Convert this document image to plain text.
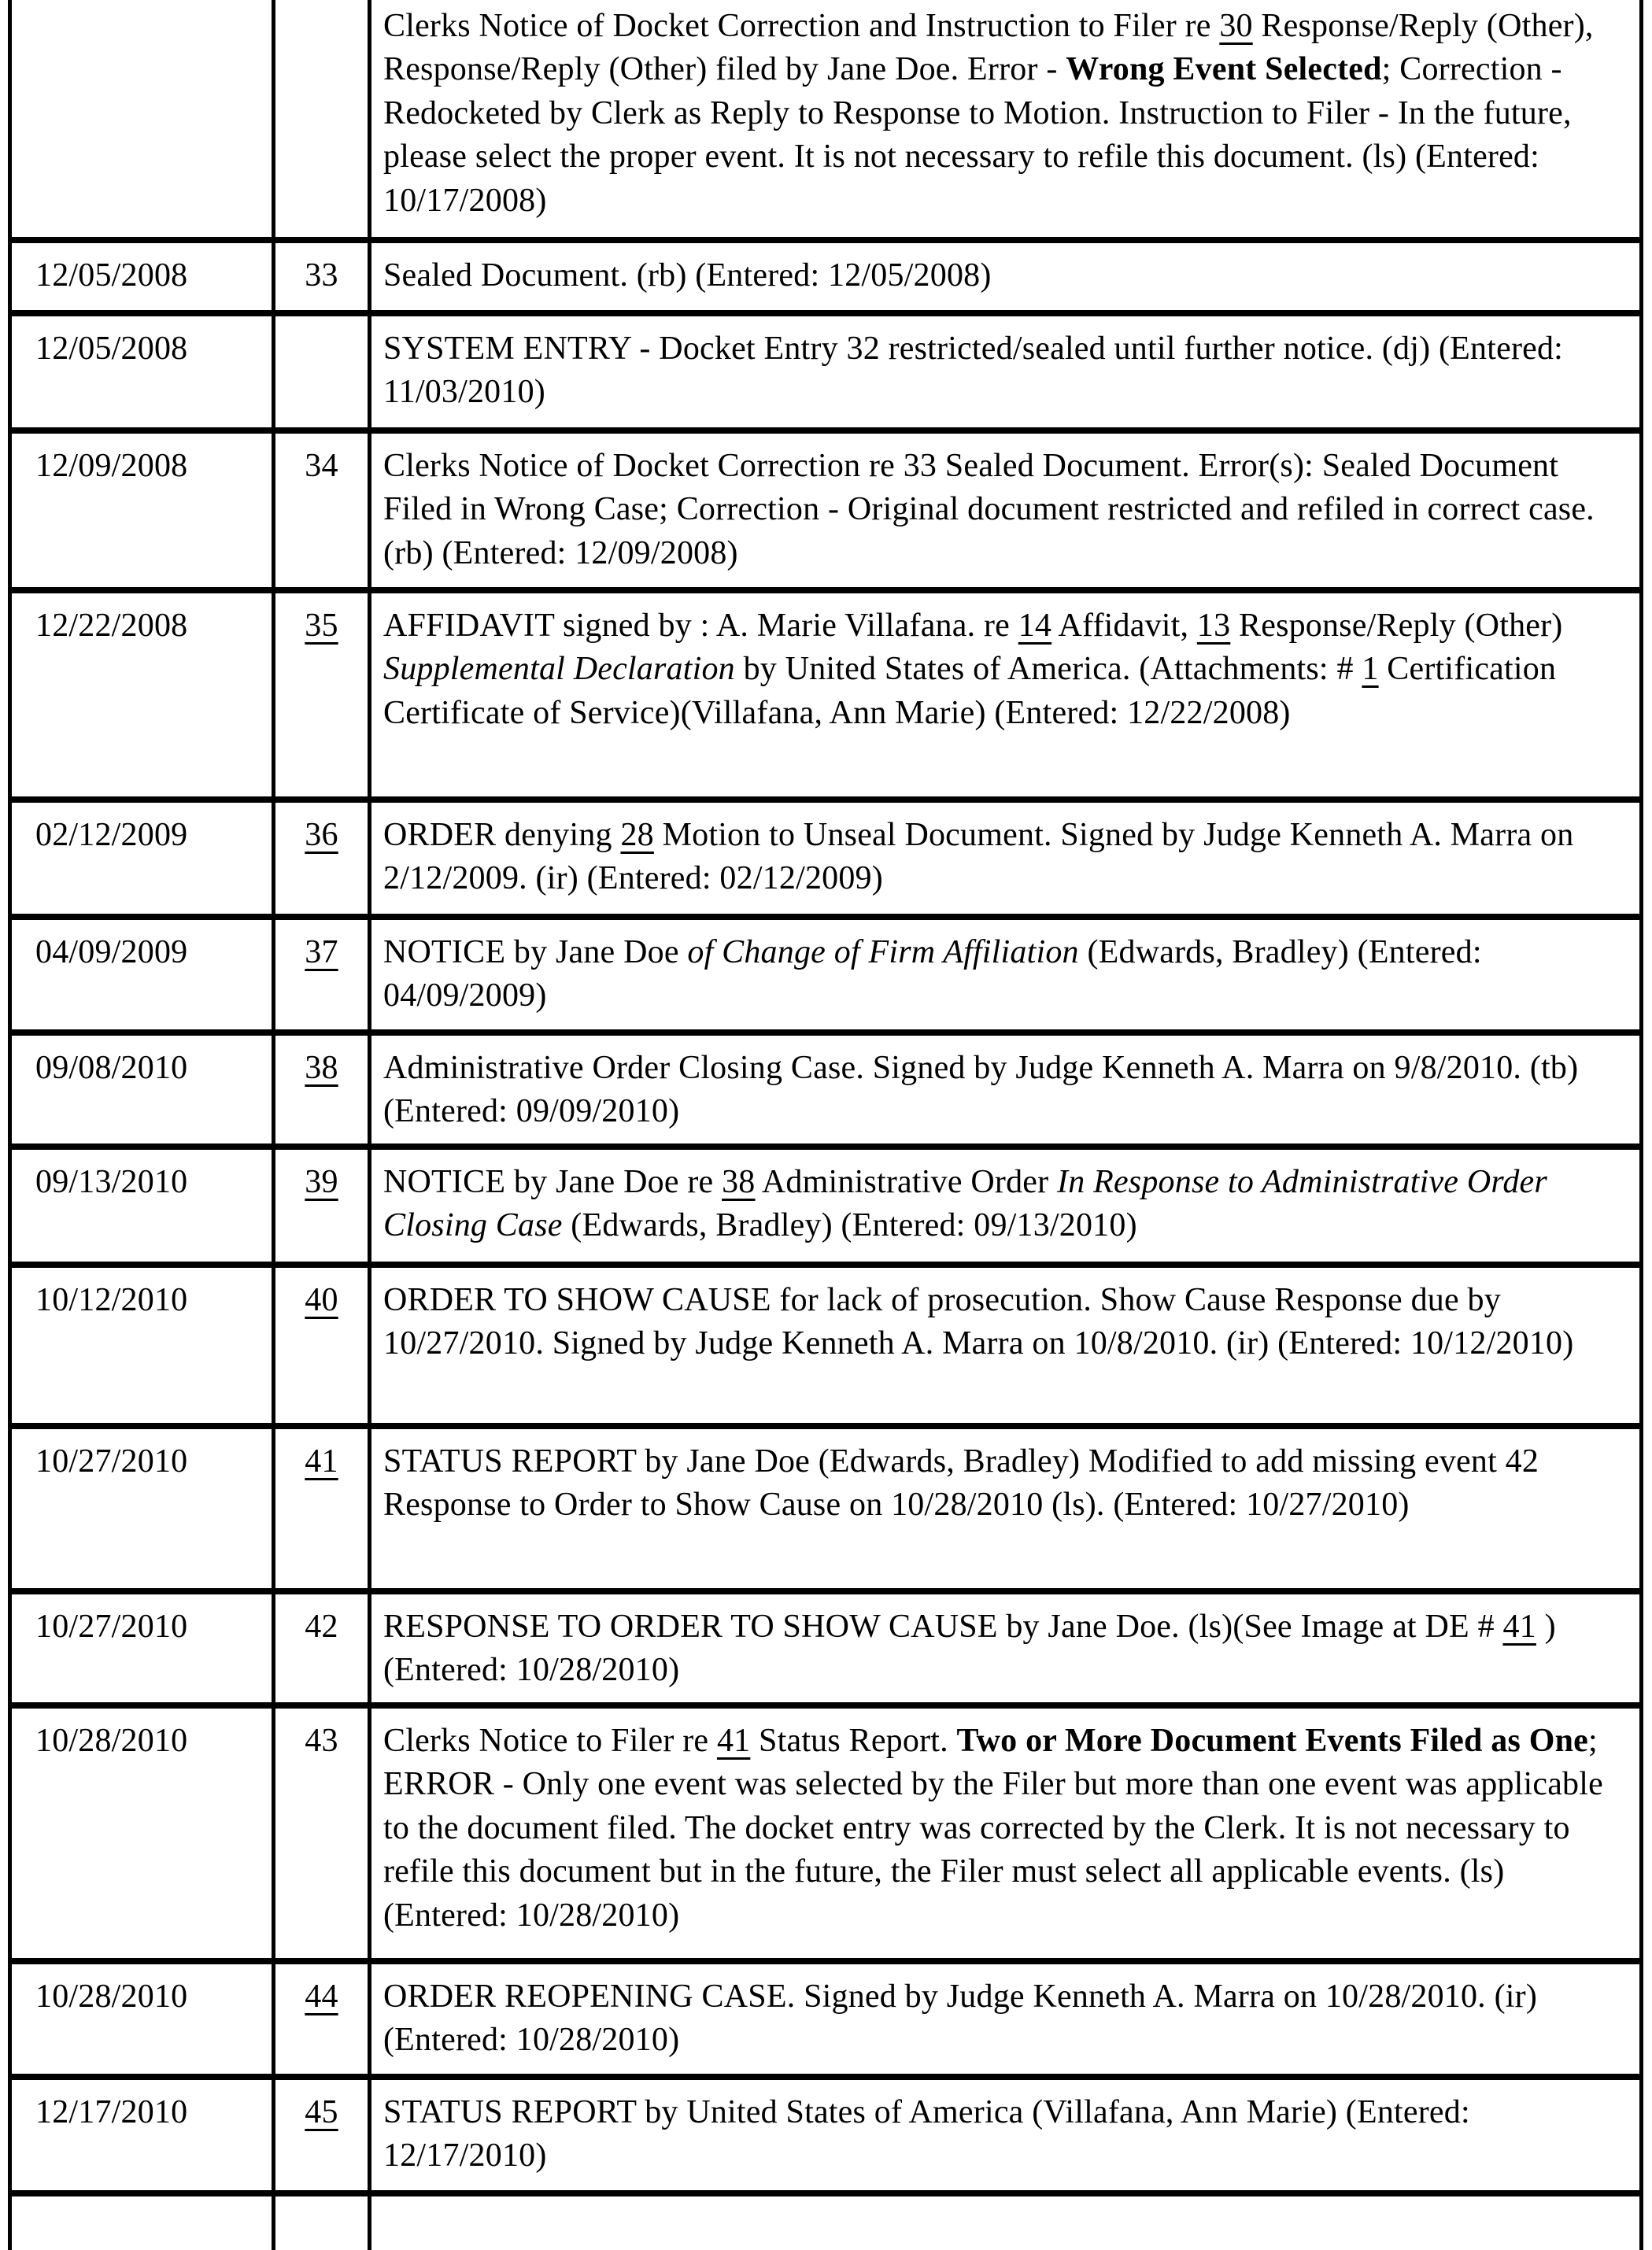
		Clerks Notice of Docket Correction and Instruction to Filer re 30 Response/Reply (Other), Response/Reply (Other) filed by Jane Doe. Error - Wrong Event Selected; Correction - Redocketed by Clerk as Reply to Response to Motion. Instruction to Filer - In the future, please select the proper event. It is not necessary to refile this document. (ls) (Entered: 10/17/2008)
12/05/2008	33	Sealed Document. (rb) (Entered: 12/05/2008)
12/05/2008		SYSTEM ENTRY - Docket Entry 32 restricted/sealed until further notice. (dj) (Entered: 11/03/2010)
12/09/2008	34	Clerks Notice of Docket Correction re 33 Sealed Document. Error(s): Sealed Document Filed in Wrong Case; Correction - Original document restricted and refiled in correct case. (rb) (Entered: 12/09/2008)
12/22/2008	35	AFFIDAVIT signed by : A. Marie Villafana. re 14 Affidavit, 13 Response/Reply (Other) Supplemental Declaration by United States of America. (Attachments: # 1 Certification Certificate of Service)(Villafana, Ann Marie) (Entered: 12/22/2008)
02/12/2009	36	ORDER denying 28 Motion to Unseal Document. Signed by Judge Kenneth A. Marra on 2/12/2009. (ir) (Entered: 02/12/2009)
04/09/2009	37	NOTICE by Jane Doe of Change of Firm Affiliation (Edwards, Bradley) (Entered: 04/09/2009)
09/08/2010	38	Administrative Order Closing Case. Signed by Judge Kenneth A. Marra on 9/8/2010. (tb) (Entered: 09/09/2010)
09/13/2010	39	NOTICE by Jane Doe re 38 Administrative Order In Response to Administrative Order Closing Case (Edwards, Bradley) (Entered: 09/13/2010)
10/12/2010	40	ORDER TO SHOW CAUSE for lack of prosecution. Show Cause Response due by 10/27/2010. Signed by Judge Kenneth A. Marra on 10/8/2010. (ir) (Entered: 10/12/2010)
10/27/2010	41	STATUS REPORT by Jane Doe (Edwards, Bradley) Modified to add missing event 42 Response to Order to Show Cause on 10/28/2010 (ls). (Entered: 10/27/2010)
10/27/2010	42	RESPONSE TO ORDER TO SHOW CAUSE by Jane Doe. (ls)(See Image at DE # 41 ) (Entered: 10/28/2010)
10/28/2010	43	Clerks Notice to Filer re 41 Status Report. Two or More Document Events Filed as One; ERROR - Only one event was selected by the Filer but more than one event was applicable to the document filed. The docket entry was corrected by the Clerk. It is not necessary to refile this document but in the future, the Filer must select all applicable events. (ls) (Entered: 10/28/2010)
10/28/2010	44	ORDER REOPENING CASE. Signed by Judge Kenneth A. Marra on 10/28/2010. (ir) (Entered: 10/28/2010)
12/17/2010	45	STATUS REPORT by United States of America (Villafana, Ann Marie) (Entered: 12/17/2010)
